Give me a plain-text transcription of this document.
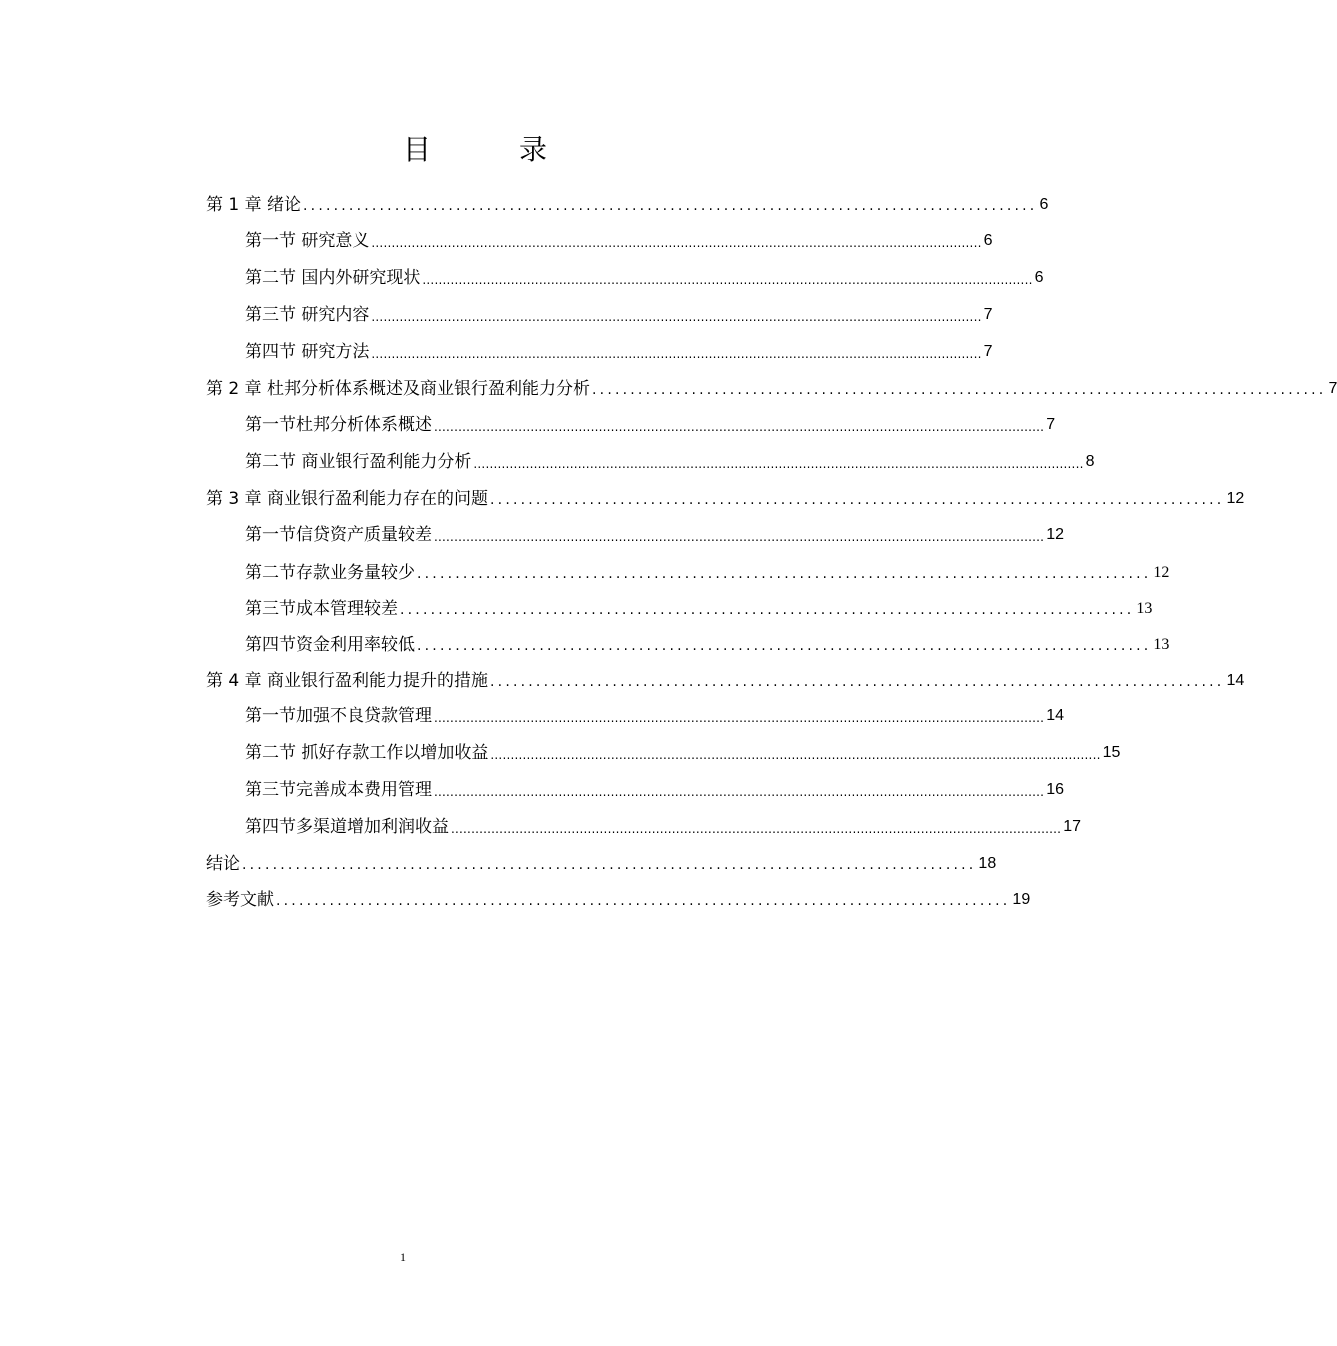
目　录
第 1 章 绪论 ................................................................................................ 6
第一节 研究意义 ........................................................................................................................................................ 6
第二节 国内外研究现状 ........................................................................................................................................................ 6
第三节 研究内容 ........................................................................................................................................................ 7
第四节 研究方法 ........................................................................................................................................................ 7
第 2 章 杜邦分析体系概述及商业银行盈利能力分析 ................................................................................................ 7
第一节杜邦分析体系概述 ........................................................................................................................................................ 7
第二节 商业银行盈利能力分析 ........................................................................................................................................................ 8
第 3 章 商业银行盈利能力存在的问题 ................................................................................................ 12
第一节信贷资产质量较差 ........................................................................................................................................................ 12
第二节存款业务量较少 ................................................................................................ 12
第三节成本管理较差 ................................................................................................ 13
第四节资金利用率较低 ................................................................................................ 13
第 4 章 商业银行盈利能力提升的措施 ................................................................................................ 14
第一节加强不良贷款管理 ........................................................................................................................................................ 14
第二节 抓好存款工作以增加收益 ........................................................................................................................................................ 15
第三节完善成本费用管理 ........................................................................................................................................................ 16
第四节多渠道增加利润收益 ........................................................................................................................................................ 17
结论 ................................................................................................ 18
参考文献 ................................................................................................ 19
1
